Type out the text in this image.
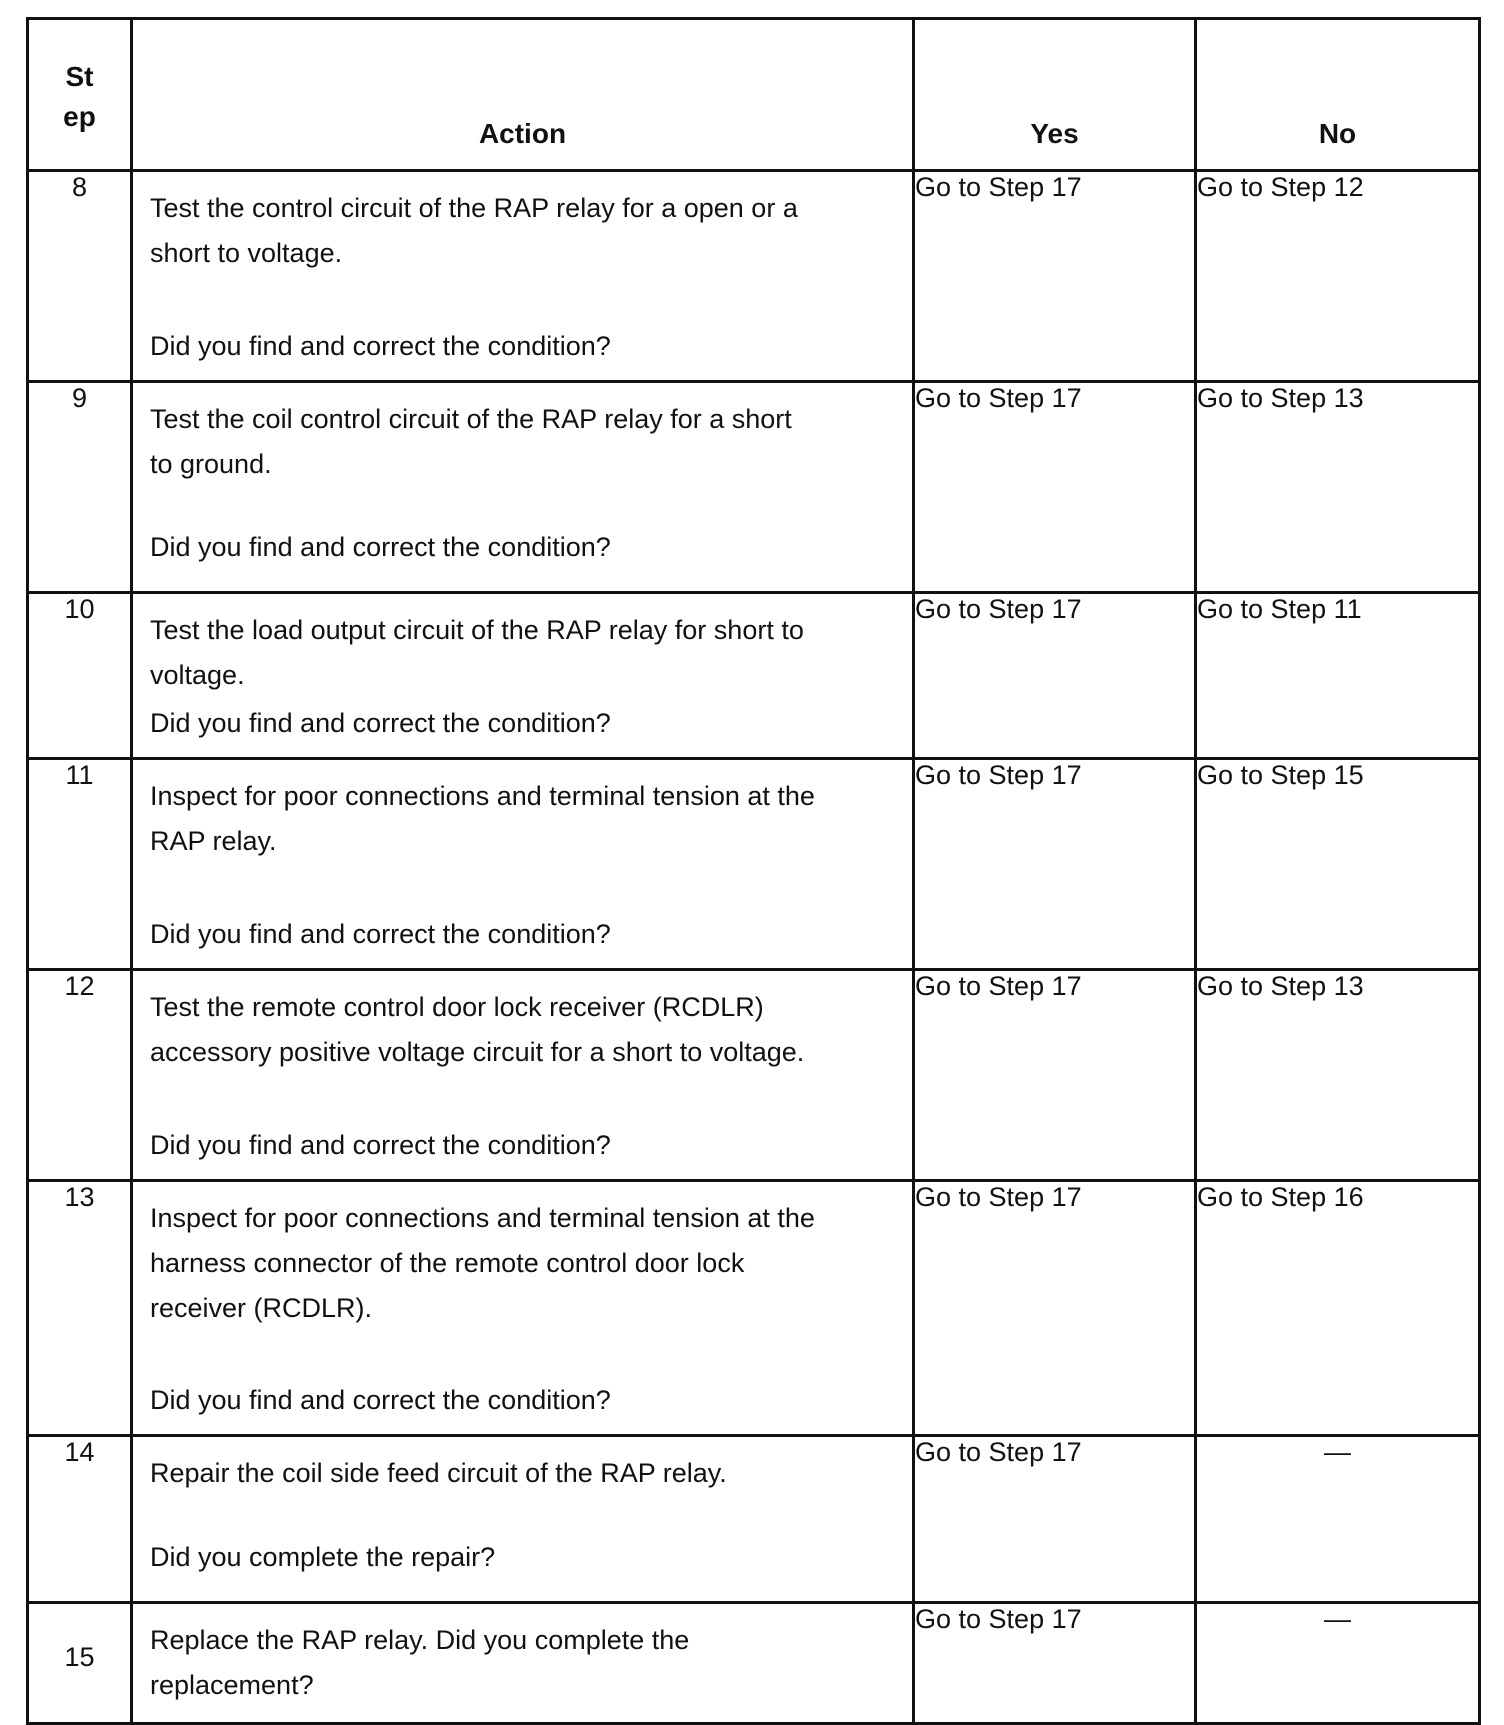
St
ep	Action	Yes	No

8	Test the control circuit of the RAP relay for a open or a
short to voltage.
Did you find and correct the condition?	Go to Step 17	Go to Step 12
9	Test the coil control circuit of the RAP relay for a short
to ground.
Did you find and correct the condition?	Go to Step 17	Go to Step 13
10	Test the load output circuit of the RAP relay for short to
voltage.
Did you find and correct the condition?	Go to Step 17	Go to Step 11
11	Inspect for poor connections and terminal tension at the
RAP relay.
Did you find and correct the condition?	Go to Step 17	Go to Step 15
12	Test the remote control door lock receiver (RCDLR)
accessory positive voltage circuit for a short to voltage.
Did you find and correct the condition?	Go to Step 17	Go to Step 13
13	Inspect for poor connections and terminal tension at the
harness connector of the remote control door lock
receiver (RCDLR).
Did you find and correct the condition?	Go to Step 17	Go to Step 16
14	Repair the coil side feed circuit of the RAP relay.
Did you complete the repair?	Go to Step 17	—
15	Replace the RAP relay. Did you complete the
replacement?	Go to Step 17	—
